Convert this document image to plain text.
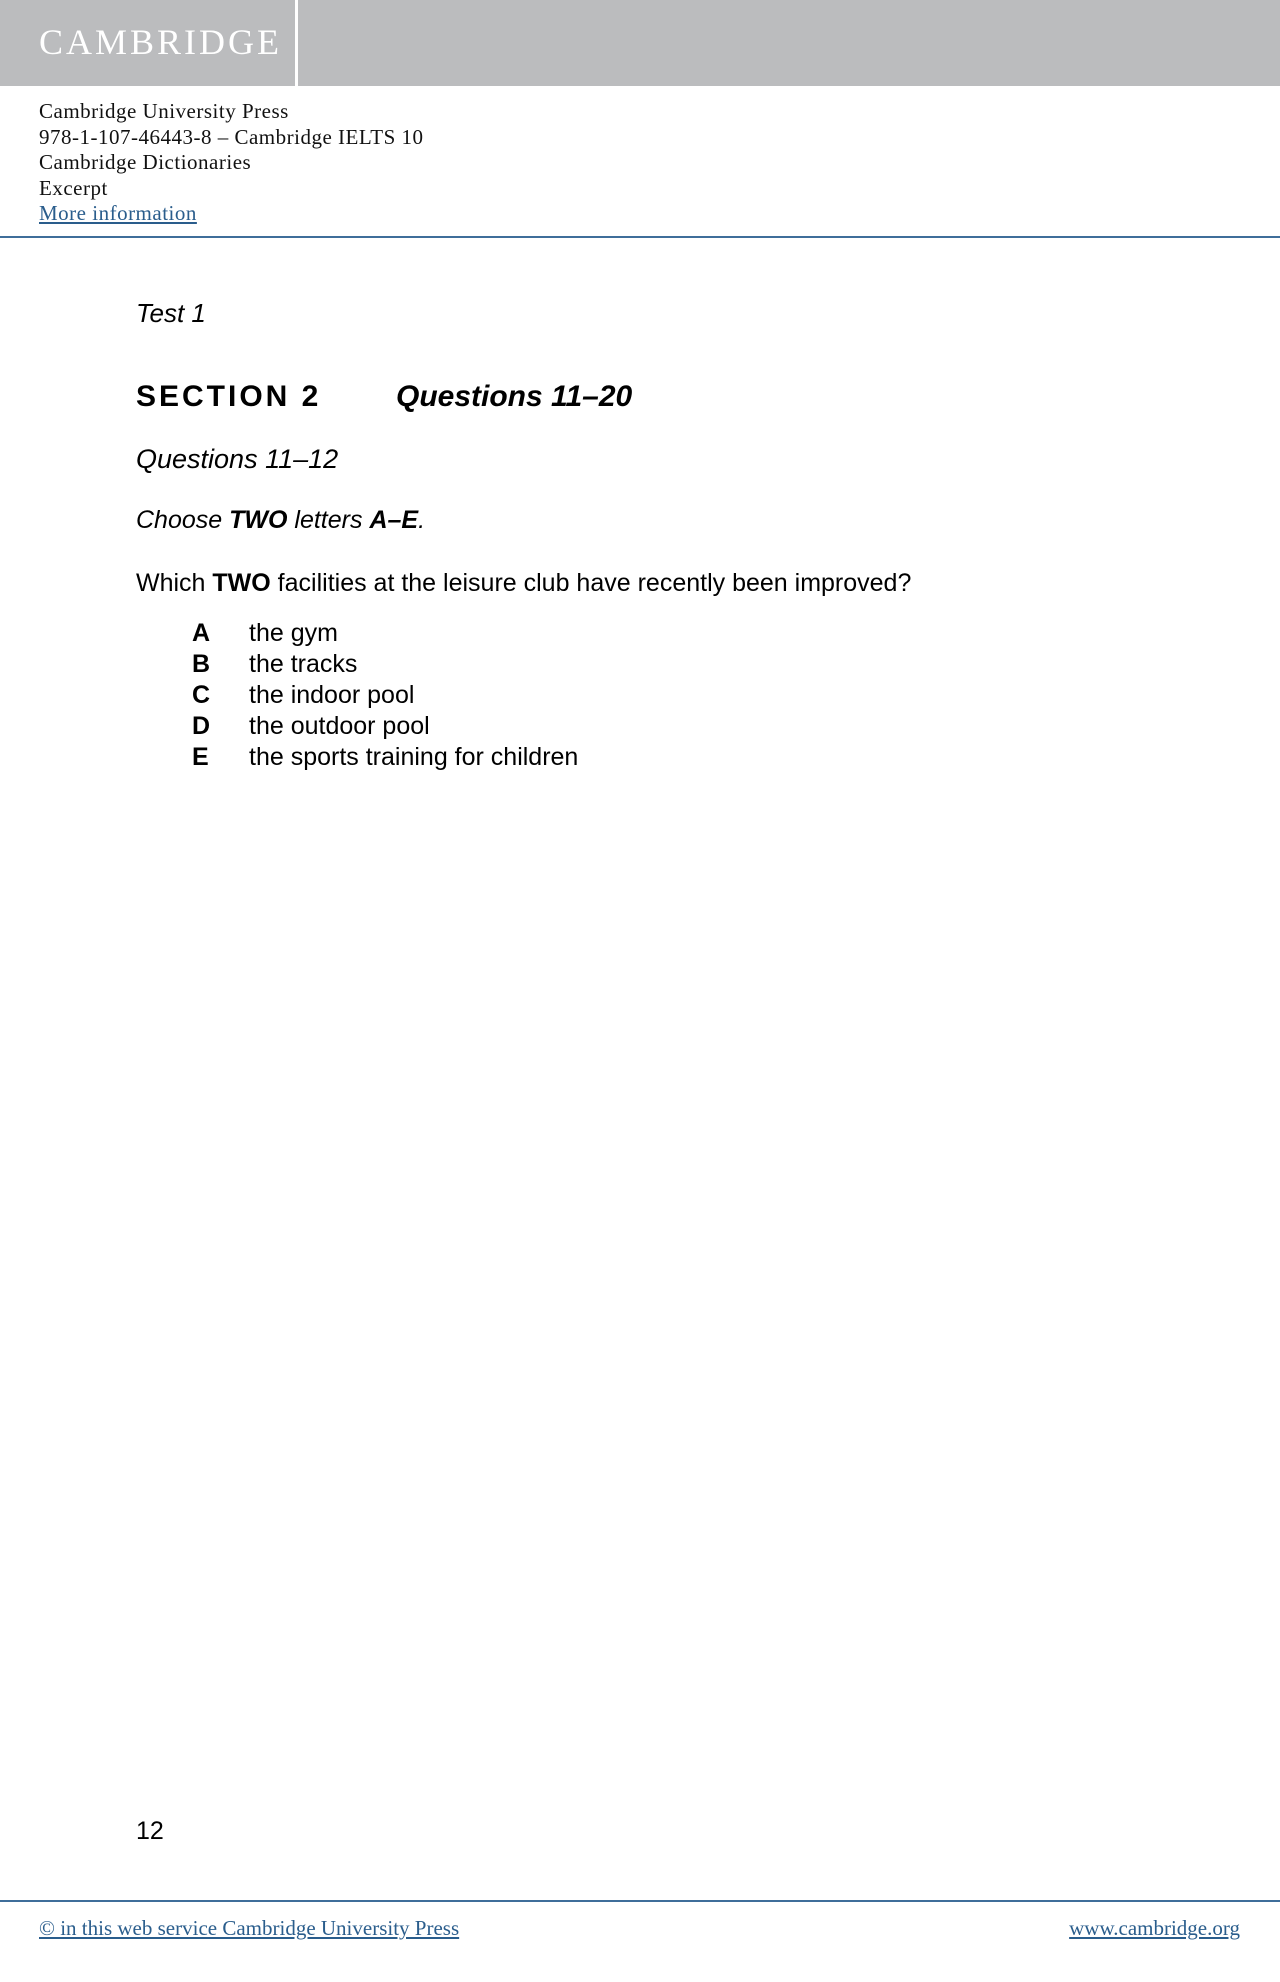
CAMBRIDGE
Cambridge University Press
978-1-107-46443-8 – Cambridge IELTS 10
Cambridge Dictionaries
Excerpt
More information
Test 1
SECTION 2 Questions 11–20
Questions 11–12
Choose TWO letters A–E.
Which TWO facilities at the leisure club have recently been improved?
A the gym
B the tracks
C the indoor pool
D the outdoor pool
E the sports training for children
12
© in this web service Cambridge University Press	www.cambridge.org
